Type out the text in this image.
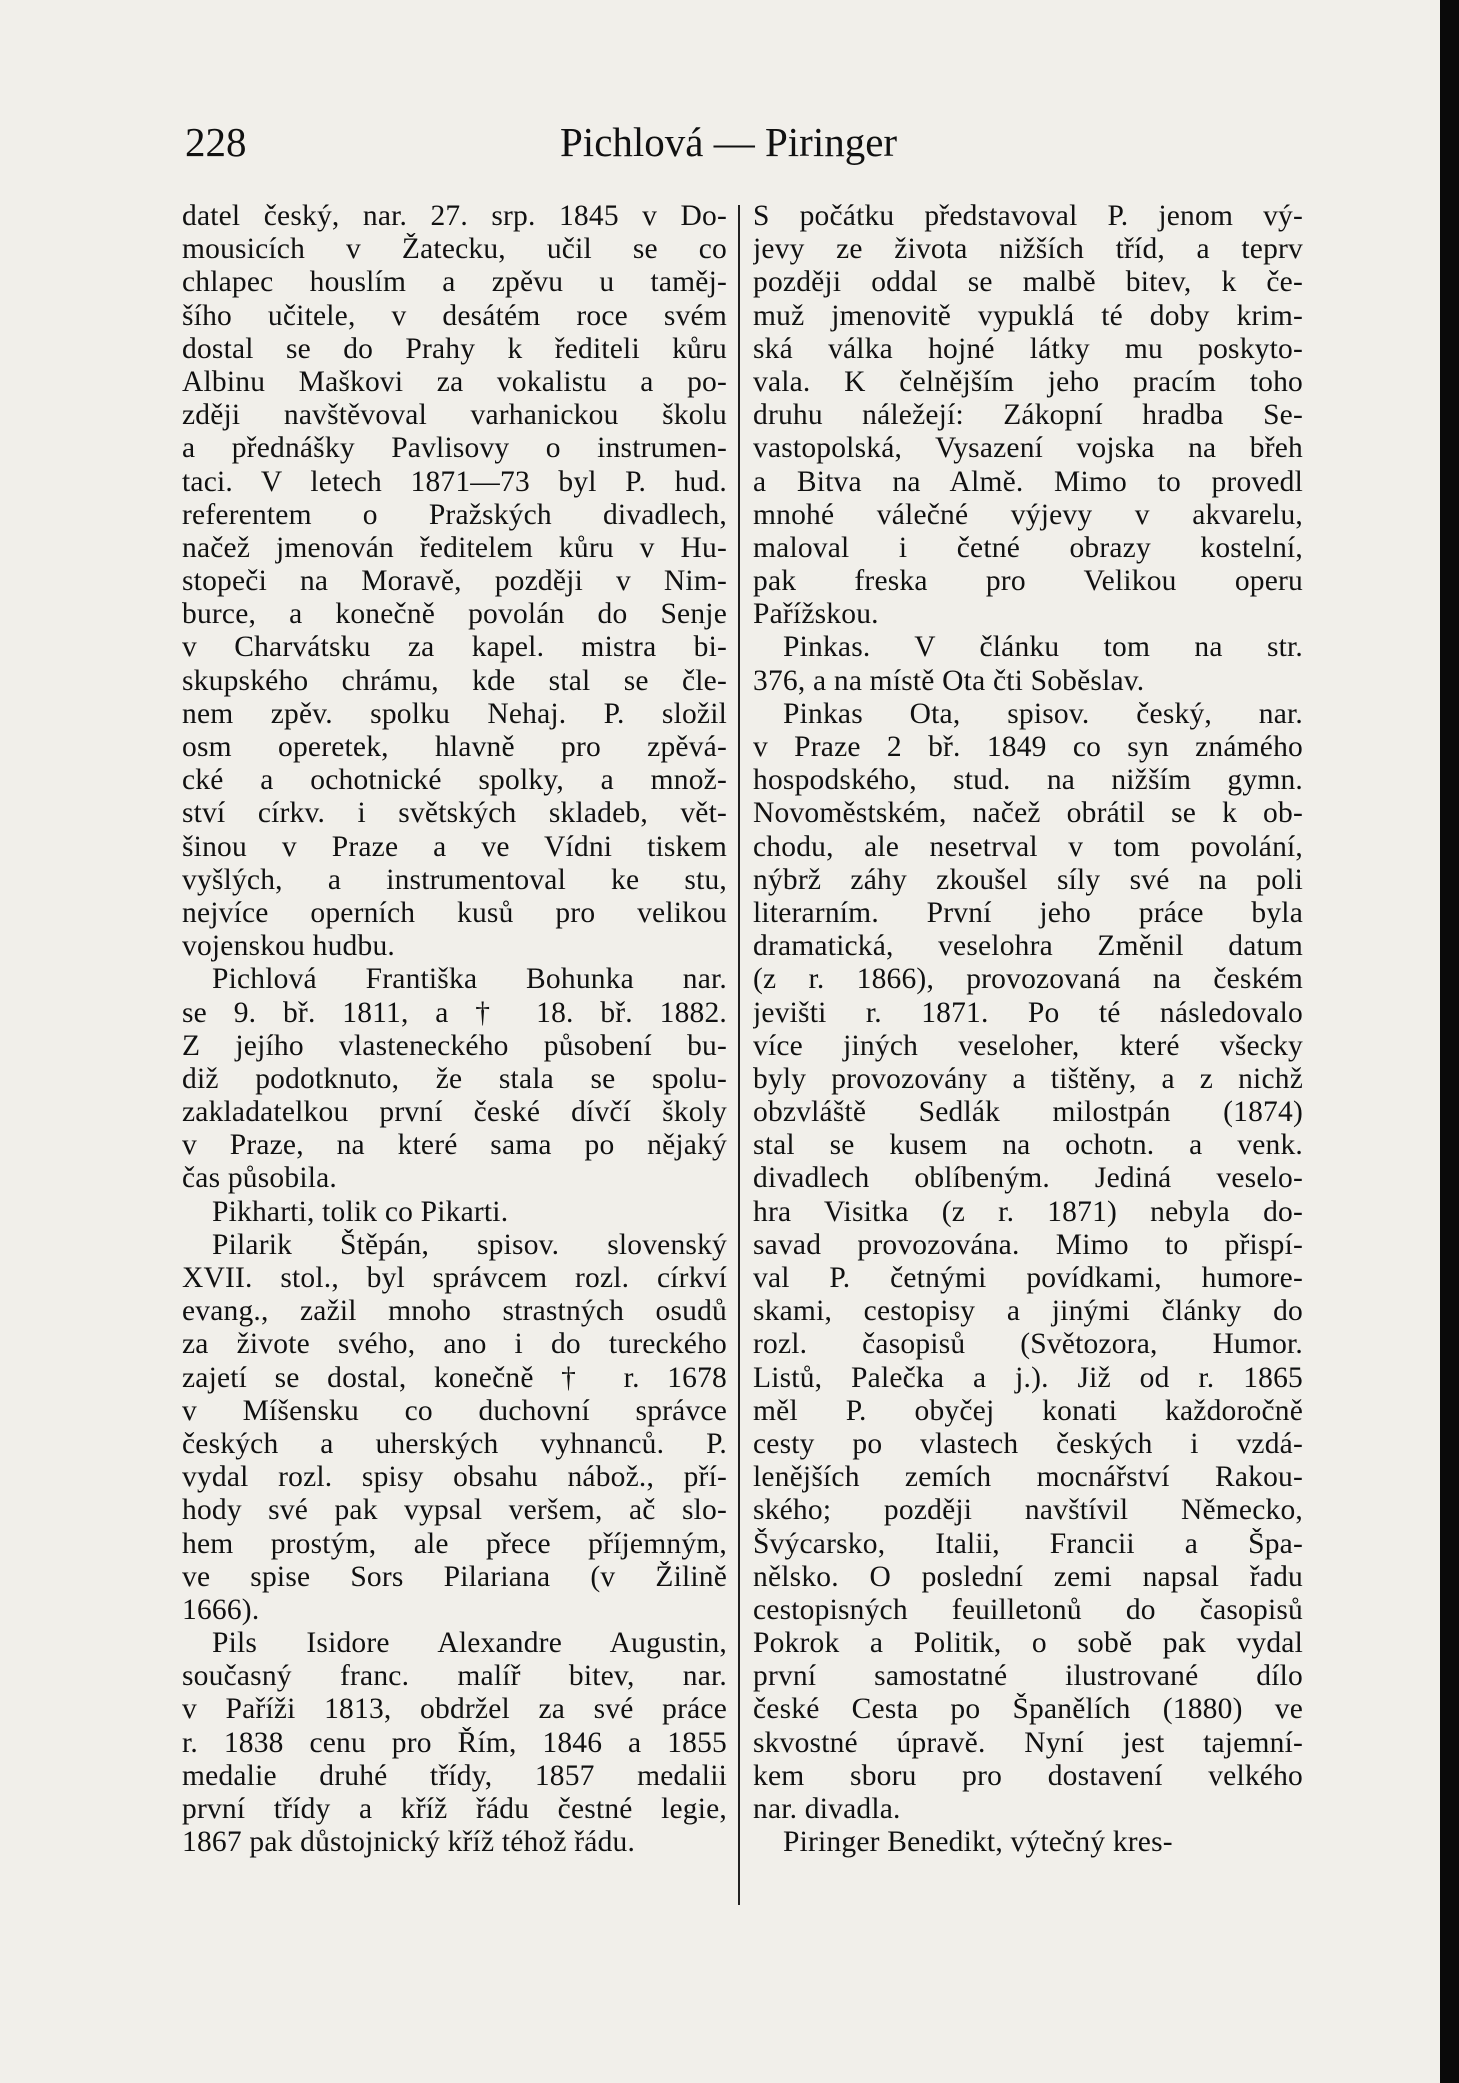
228	Pichlová — Piringer
datel český, nar. 27. srp. 1845 v Do-
mousicích v Žatecku, učil se co
chlapec houslím a zpěvu u taměj-
šího učitele, v desátém roce svém
dostal se do Prahy k řediteli kůru
Albinu Maškovi za vokalistu a po-
zději navštěvoval varhanickou školu
a přednášky Pavlisovy o instrumen-
taci. V letech 1871—73 byl P. hud.
referentem o Pražských divadlech,
načež jmenován ředitelem kůru v Hu-
stopeči na Moravě, později v Nim-
burce, a konečně povolán do Senje
v Charvátsku za kapel. mistra bi-
skupského chrámu, kde stal se čle-
nem zpěv. spolku Nehaj. P. složil
osm operetek, hlavně pro zpěvá-
cké a ochotnické spolky, a množ-
ství církv. i světských skladeb, vět-
šinou v Praze a ve Vídni tiskem
vyšlých, a instrumentoval ke stu,
nejvíce operních kusů pro velikou
vojenskou hudbu.
Pichlová Františka Bohunka nar.
se 9. bř. 1811, a † 18. bř. 1882.
Z jejího vlasteneckého působení bu-
diž podotknuto, že stala se spolu-
zakladatelkou první české dívčí školy
v Praze, na které sama po nějaký
čas působila.
Pikharti, tolik co Pikarti.
Pilarik Štěpán, spisov. slovenský
XVII. stol., byl správcem rozl. církví
evang., zažil mnoho strastných osudů
za živote svého, ano i do tureckého
zajetí se dostal, konečně † r. 1678
v Míšensku co duchovní správce
českých a uherských vyhnanců. P.
vydal rozl. spisy obsahu nábož., pří-
hody své pak vypsal veršem, ač slo-
hem prostým, ale přece příjemným,
ve spise Sors Pilariana (v Žilině
1666).
Pils Isidore Alexandre Augustin,
současný franc. malíř bitev, nar.
v Paříži 1813, obdržel za své práce
r. 1838 cenu pro Řím, 1846 a 1855
medalie druhé třídy, 1857 medalii
první třídy a kříž řádu čestné legie,
1867 pak důstojnický kříž téhož řádu.
S počátku představoval P. jenom vý-
jevy ze života nižších tříd, a teprv
později oddal se malbě bitev, k če-
muž jmenovitě vypuklá té doby krim-
ská válka hojné látky mu poskyto-
vala. K čelnějším jeho pracím toho
druhu náležejí: Zákopní hradba Se-
vastopolská, Vysazení vojska na břeh
a Bitva na Almě. Mimo to provedl
mnohé válečné výjevy v akvarelu,
maloval i četné obrazy kostelní,
pak freska pro Velikou operu
Pařížskou.
Pinkas. V článku tom na str.
376, a na místě Ota čti Soběslav.
Pinkas Ota, spisov. český, nar.
v Praze 2 bř. 1849 co syn známého
hospodského, stud. na nižším gymn.
Novoměstském, načež obrátil se k ob-
chodu, ale nesetrval v tom povolání,
nýbrž záhy zkoušel síly své na poli
literarním. První jeho práce byla
dramatická, veselohra Změnil datum
(z r. 1866), provozovaná na českém
jevišti r. 1871. Po té následovalo
více jiných veseloher, které všecky
byly provozovány a tištěny, a z nichž
obzvláště Sedlák milostpán (1874)
stal se kusem na ochotn. a venk.
divadlech oblíbeným. Jediná veselo-
hra Visitka (z r. 1871) nebyla do-
savad provozována. Mimo to přispí-
val P. četnými povídkami, humore-
skami, cestopisy a jinými články do
rozl. časopisů (Světozora, Humor.
Listů, Palečka a j.). Již od r. 1865
měl P. obyčej konati každoročně
cesty po vlastech českých i vzdá-
lenějších zemích mocnářství Rakou-
ského; později navštívil Německo,
Švýcarsko, Italii, Francii a Špa-
nělsko. O poslední zemi napsal řadu
cestopisných feuilletonů do časopisů
Pokrok a Politik, o sobě pak vydal
první samostatné ilustrované dílo
české Cesta po Španělích (1880) ve
skvostné úpravě. Nyní jest tajemní-
kem sboru pro dostavení velkého
nar. divadla.
Piringer Benedikt, výtečný kres-
